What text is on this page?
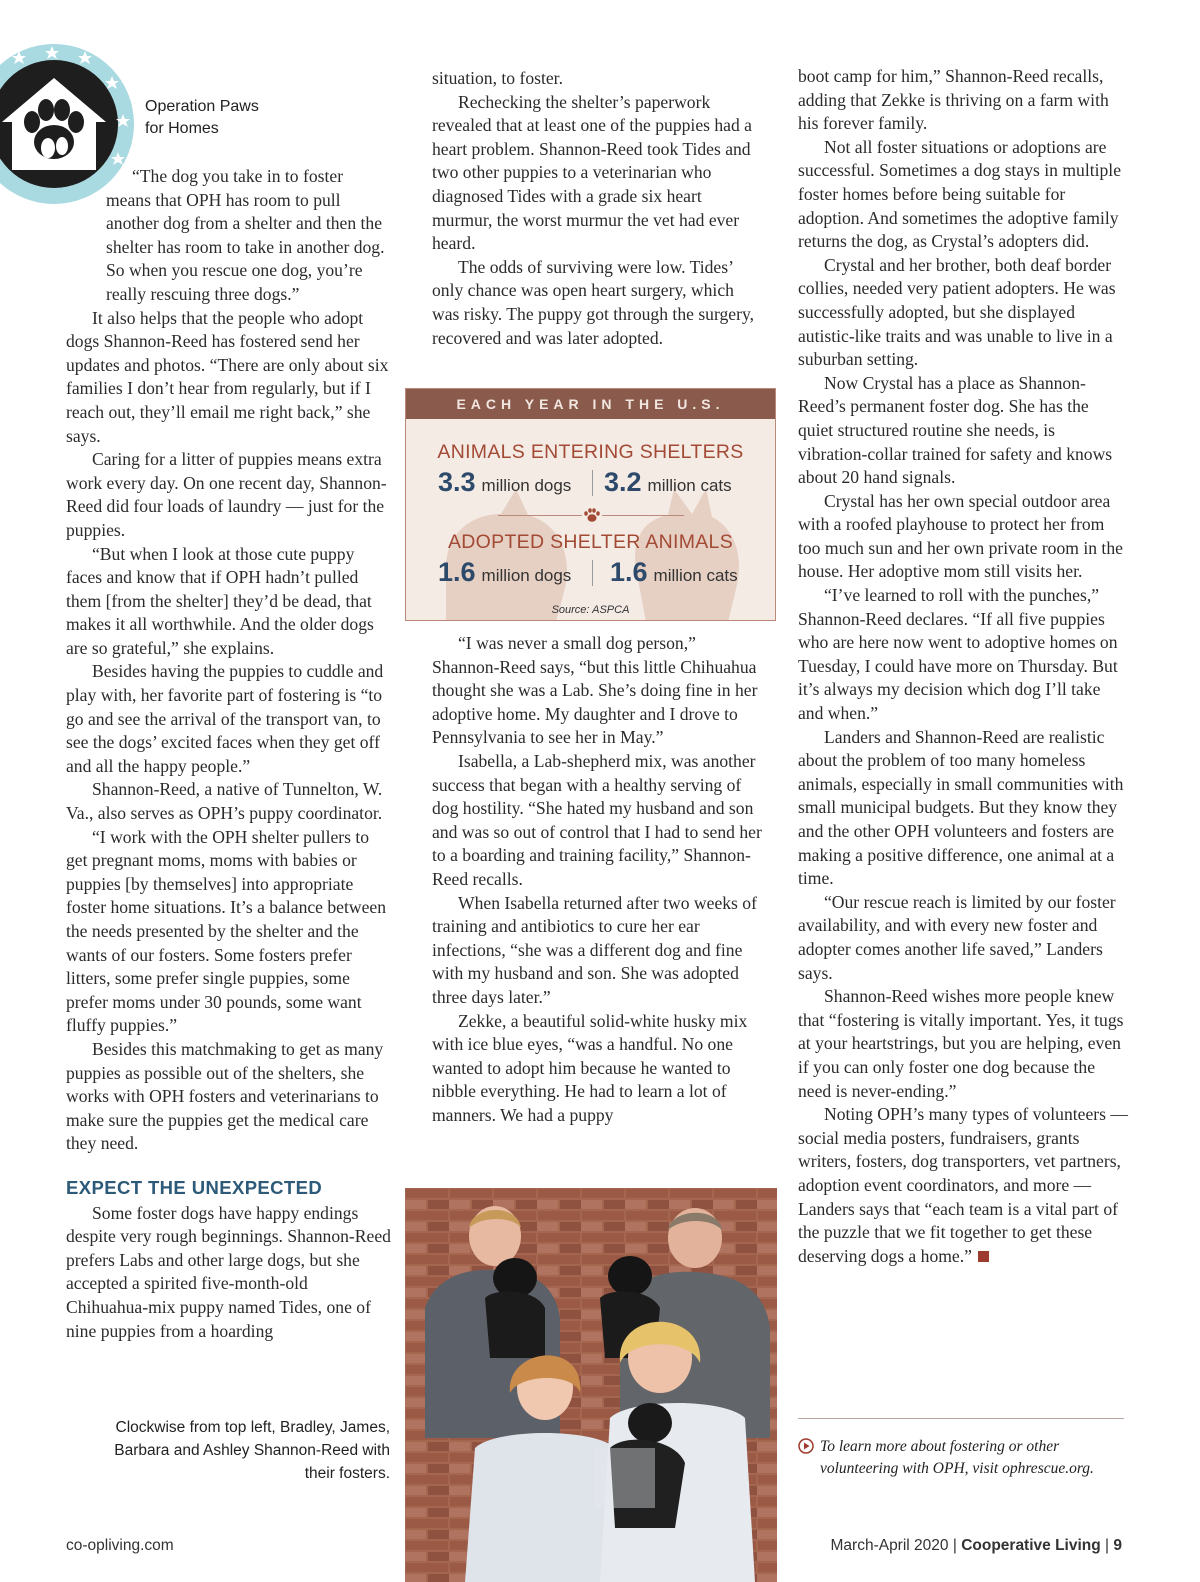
Operation Paws
for Homes

“The dog you take in to foster means that OPH has room to pull another dog from a shelter and then the shelter has room to take in another dog. So when you rescue one dog, you’re really rescuing three dogs.”

It also helps that the people who adopt dogs Shannon-Reed has fostered send her updates and photos. “There are only about six families I don’t hear from regularly, but if I reach out, they’ll email me right back,” she says.

Caring for a litter of puppies means extra work every day. On one recent day, Shannon-Reed did four loads of laundry — just for the puppies.

“But when I look at those cute puppy faces and know that if OPH hadn’t pulled them [from the shelter] they’d be dead, that makes it all worthwhile. And the older dogs are so grateful,” she explains.

Besides having the puppies to cuddle and play with, her favorite part of fostering is “to go and see the arrival of the transport van, to see the dogs’ excited faces when they get off and all the happy people.”

Shannon-Reed, a native of Tunnelton, W. Va., also serves as OPH’s puppy coordinator.

“I work with the OPH shelter pullers to get pregnant moms, moms with babies or puppies [by themselves] into appropriate foster home situations. It’s a balance between the needs presented by the shelter and the wants of our fosters. Some fosters prefer litters, some prefer single puppies, some prefer moms under 30 pounds, some want fluffy puppies.”

Besides this matchmaking to get as many puppies as possible out of the shelters, she works with OPH fosters and veterinarians to make sure the puppies get the medical care they need.

EXPECT THE UNEXPECTED

Some foster dogs have happy endings despite very rough beginnings. Shannon-Reed prefers Labs and other large dogs, but she accepted a spirited five-month-old Chihuahua-mix puppy named Tides, one of nine puppies from a hoarding

situation, to foster.

Rechecking the shelter’s paperwork revealed that at least one of the puppies had a heart problem. Shannon-Reed took Tides and two other puppies to a veterinarian who diagnosed Tides with a grade six heart murmur, the worst murmur the vet had ever heard.

The odds of surviving were low. Tides’ only chance was open heart surgery, which was risky. The puppy got through the surgery, recovered and was later adopted.

EACH YEAR IN THE U.S.
ANIMALS ENTERING SHELTERS
3.3 million dogs 3.2 million cats
ADOPTED SHELTER ANIMALS
1.6 million dogs 1.6 million cats
Source: ASPCA

“I was never a small dog person,” Shannon-Reed says, “but this little Chihuahua thought she was a Lab. She’s doing fine in her adoptive home. My daughter and I drove to Pennsylvania to see her in May.”

Isabella, a Lab-shepherd mix, was another success that began with a healthy serving of dog hostility. “She hated my husband and son and was so out of control that I had to send her to a boarding and training facility,” Shannon-Reed recalls.

When Isabella returned after two weeks of training and antibiotics to cure her ear infections, “she was a different dog and fine with my husband and son. She was adopted three days later.”

Zekke, a beautiful solid-white husky mix with ice blue eyes, “was a handful. No one wanted to adopt him because he wanted to nibble everything. He had to learn a lot of manners. We had a puppy

boot camp for him,” Shannon-Reed recalls, adding that Zekke is thriving on a farm with his forever family.

Not all foster situations or adoptions are successful. Sometimes a dog stays in multiple foster homes before being suitable for adoption. And sometimes the adoptive family returns the dog, as Crystal’s adopters did.

Crystal and her brother, both deaf border collies, needed very patient adopters. He was successfully adopted, but she displayed autistic-like traits and was unable to live in a suburban setting.

Now Crystal has a place as Shannon-Reed’s permanent foster dog. She has the quiet structured routine she needs, is vibration-collar trained for safety and knows about 20 hand signals.

Crystal has her own special outdoor area with a roofed playhouse to protect her from too much sun and her own private room in the house. Her adoptive mom still visits her.

“I’ve learned to roll with the punches,” Shannon-Reed declares. “If all five puppies who are here now went to adoptive homes on Tuesday, I could have more on Thursday. But it’s always my decision which dog I’ll take and when.”

Landers and Shannon-Reed are realistic about the problem of too many homeless animals, especially in small communities with small municipal budgets. But they know they and the other OPH volunteers and fosters are making a positive difference, one animal at a time.

“Our rescue reach is limited by our foster availability, and with every new foster and adopter comes another life saved,” Landers says.

Shannon-Reed wishes more people knew that “fostering is vitally important. Yes, it tugs at your heartstrings, but you are helping, even if you can only foster one dog because the need is never-ending.”

Noting OPH’s many types of volunteers — social media posters, fundraisers, grants writers, fosters, dog transporters, vet partners, adoption event coordinators, and more — Landers says that “each team is a vital part of the puzzle that we fit together to get these deserving dogs a home.”

Clockwise from top left, Bradley, James, Barbara and Ashley Shannon-Reed with their fosters.
To learn more about fostering or other volunteering with OPH, visit ophrescue.org.
co-opliving.com	March-April 2020 | Cooperative Living | 9
